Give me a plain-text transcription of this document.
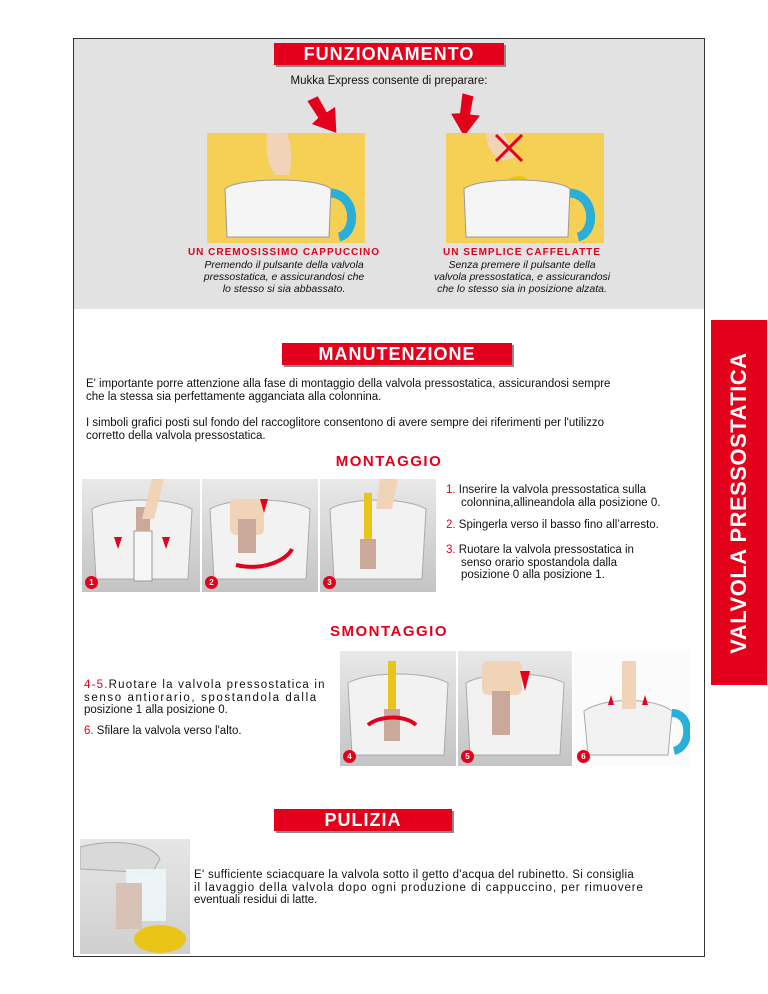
VALVOLA PRESSOSTATICA
FUNZIONAMENTO
Mukka Express consente di preparare:
UN CREMOSISSIMO CAPPUCCINO
Premendo il pulsante della valvola
pressostatica, e assicurandosi che
lo stesso si sia abbassato.
UN SEMPLICE CAFFELATTE
Senza premere il pulsante della
valvola pressostatica, e assicurandosi
che lo stesso sia in posizione alzata.
MANUTENZIONE
E' importante porre attenzione alla fase di montaggio della valvola pressostatica, assicurandosi sempre
che la stessa sia perfettamente agganciata alla colonnina.
I simboli grafici posti sul fondo del raccoglitore consentono di avere sempre dei riferimenti per l'utilizzo
corretto della valvola pressostatica.
MONTAGGIO
1	2	3
1. Inserire la valvola pressostatica sulla
colonnina,allineandola alla posizione 0.
2. Spingerla verso il basso fino all’arresto.
3. Ruotare la valvola pressostatica in
senso orario spostandola dalla
posizione 0 alla posizione 1.
SMONTAGGIO
4-5.Ruotare la valvola pressostatica in
senso antiorario, spostandola dalla
posizione 1 alla posizione 0.
6. Sfilare la valvola verso l'alto.
4	5	6
PULIZIA
E' sufficiente sciacquare la valvola sotto il getto d'acqua del rubinetto. Si consiglia
il lavaggio della valvola dopo ogni produzione di cappuccino, per rimuovere
eventuali residui di latte.
